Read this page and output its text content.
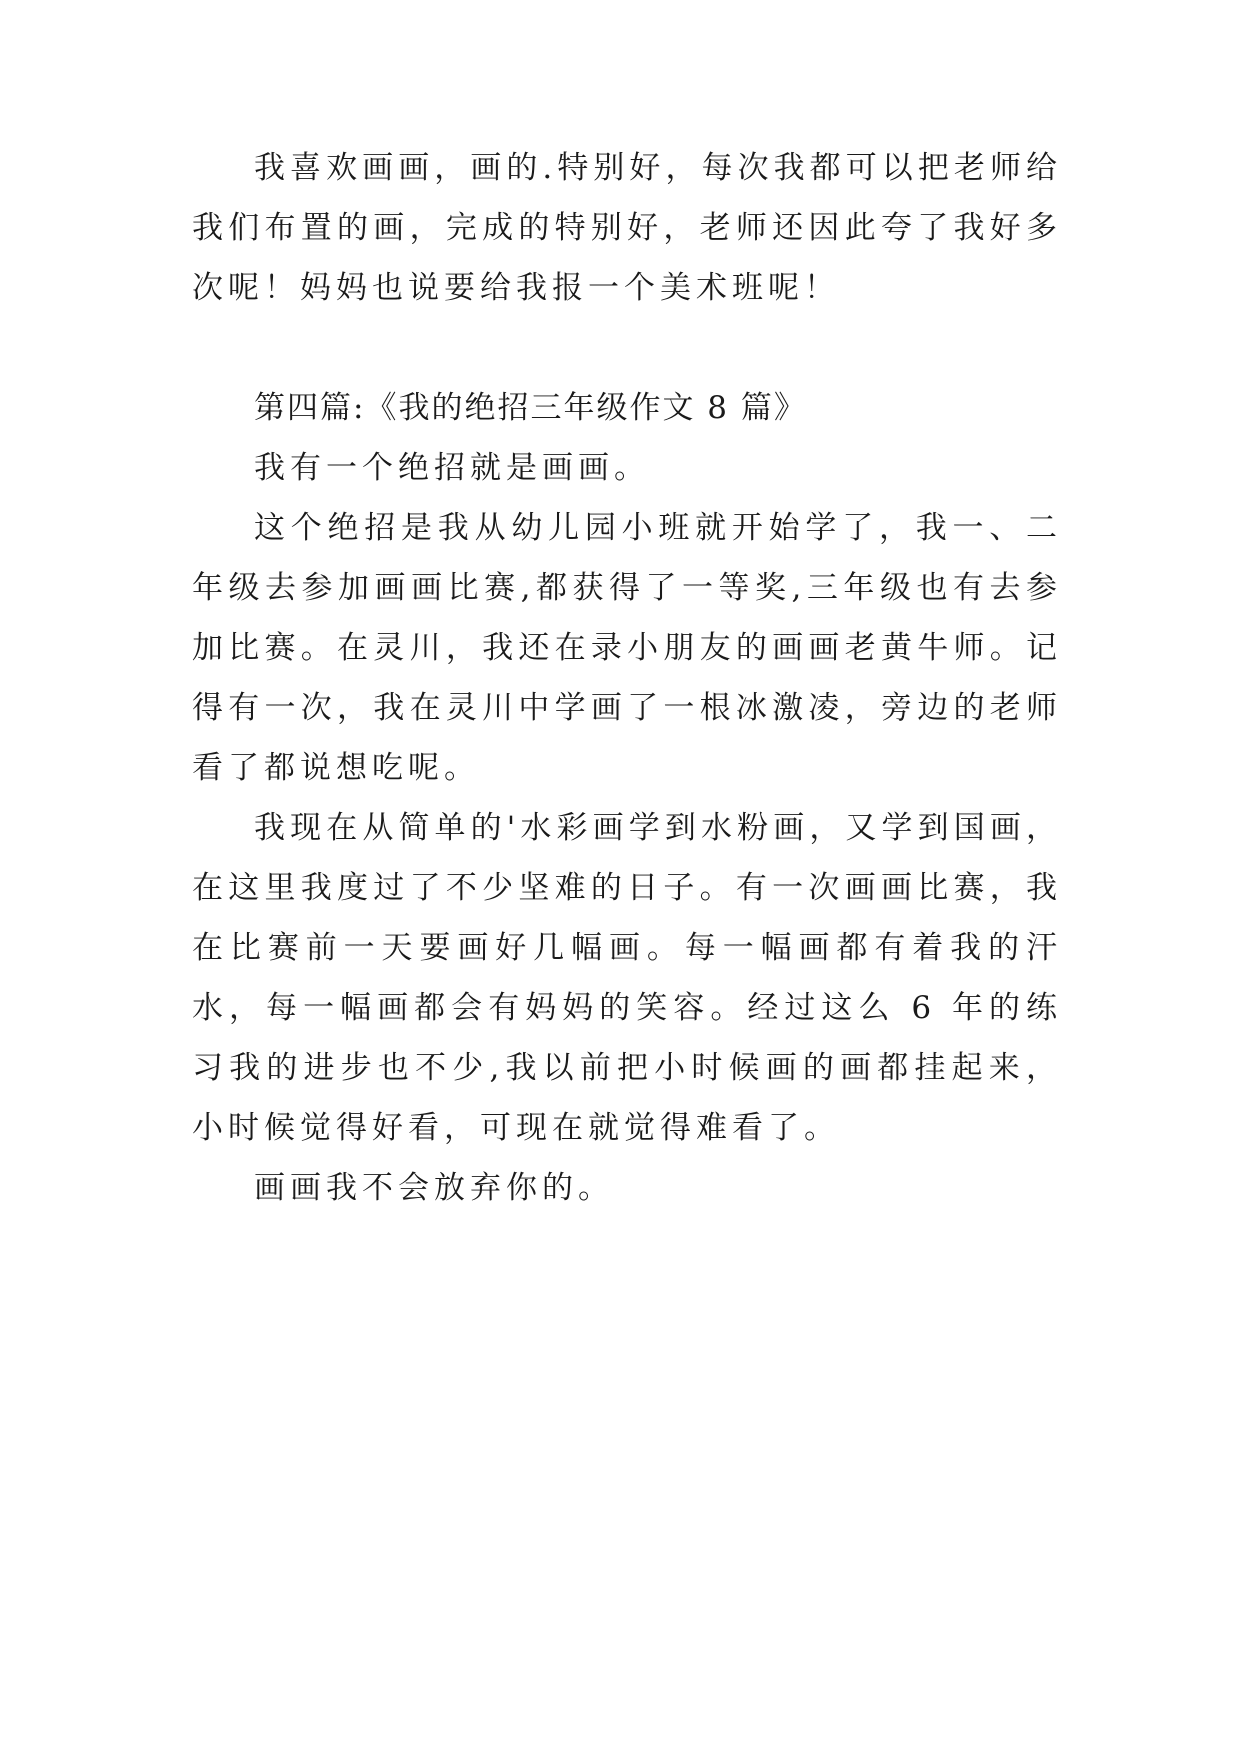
我喜欢画画，画的.特别好，每次我都可以把老师给我们布置的画，完成的特别好，老师还因此夸了我好多次呢！妈妈也说要给我报一个美术班呢！

第四篇:《我的绝招三年级作文 8 篇》

我有一个绝招就是画画。

这个绝招是我从幼儿园小班就开始学了，我一、二年级去参加画画比赛,都获得了一等奖,三年级也有去参加比赛。在灵川，我还在录小朋友的画画老黄牛师。记得有一次，我在灵川中学画了一根冰激凌，旁边的老师看了都说想吃呢。

我现在从简单的'水彩画学到水粉画，又学到国画，在这里我度过了不少坚难的日子。有一次画画比赛，我在比赛前一天要画好几幅画。每一幅画都有着我的汗水，每一幅画都会有妈妈的笑容。经过这么 6 年的练习我的进步也不少,我以前把小时候画的画都挂起来，小时候觉得好看，可现在就觉得难看了。

画画我不会放弃你的。
